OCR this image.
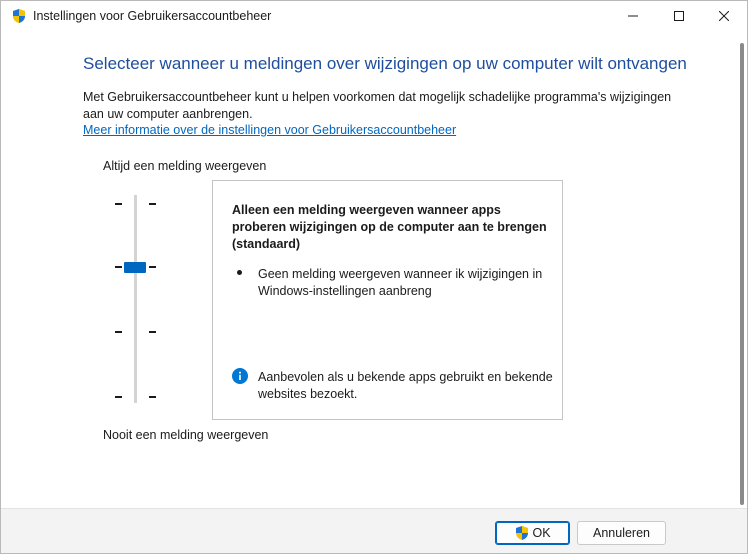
Instellingen voor Gebruikersaccountbeheer
Selecteer wanneer u meldingen over wijzigingen op uw computer wilt ontvangen
Met Gebruikersaccountbeheer kunt u helpen voorkomen dat mogelijk schadelijke programma's wijzigingen aan uw computer aanbrengen.
Meer informatie over de instellingen voor Gebruikersaccountbeheer
Altijd een melding weergeven
Nooit een melding weergeven
Alleen een melding weergeven wanneer apps proberen wijzigingen op de computer aan te brengen (standaard)
Geen melding weergeven wanneer ik wijzigingen in Windows-instellingen aanbreng
Aanbevolen als u bekende apps gebruikt en bekende websites bezoekt.
OK	Annuleren
